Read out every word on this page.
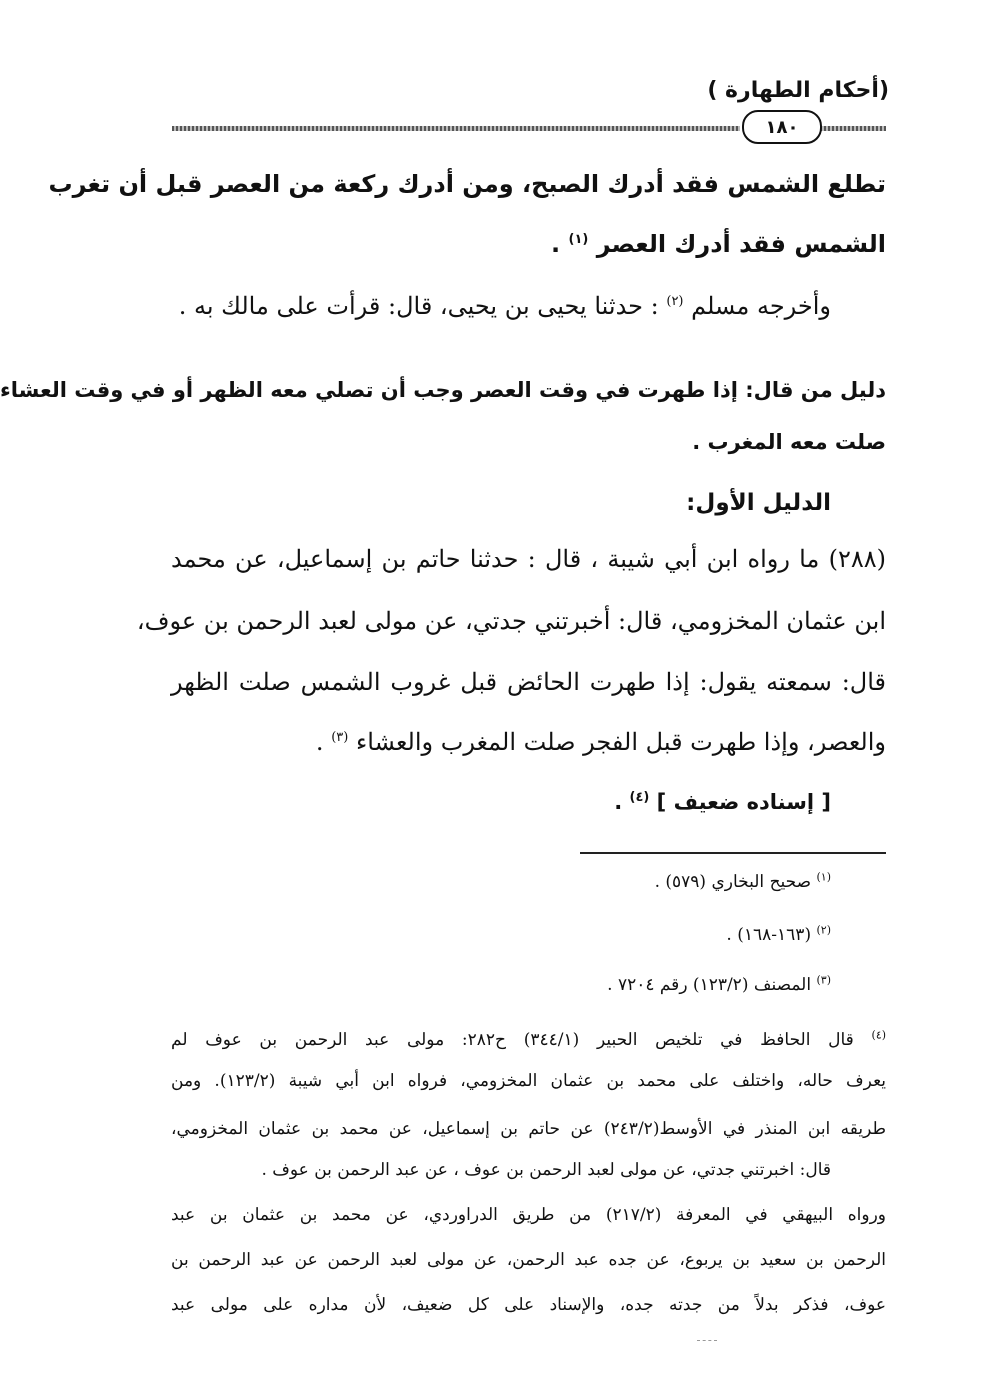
(أحكام الطهارة )
١٨٠
تطلع الشمس فقد أدرك الصبح، ومن أدرك ركعة من العصر قبل أن تغرب
الشمس فقد أدرك العصر $^{(١)}$ .
وأخرجه مسلم $^{(٢)}$ : حدثنا يحيى بن يحيى، قال: قرأت على مالك به .
دليل من قال: إذا طهرت في وقت العصر وجب أن تصلي معه الظهر أو في وقت العشاء
صلت معه المغرب .
الدليل الأول:
(٢٨٨) ما رواه ابن أبي شيبة ، قال : حدثنا حاتم بن إسماعيل، عن محمد
ابن عثمان المخزومي، قال: أخبرتني جدتي، عن مولى لعبد الرحمن بن عوف،
قال: سمعته يقول: إذا طهرت الحائض قبل غروب الشمس صلت الظهر
والعصر، وإذا طهرت قبل الفجر صلت المغرب والعشاء $^{(٣)}$ .
[ إسناده ضعيف ] $^{(٤)}$ .
$^{(١)}$ صحيح البخاري (٥٧٩) .
$^{(٢)}$ (١٦٣-١٦٨) .
$^{(٣)}$ المصنف (١٢٣/٢) رقم ٧٢٠٤ .
$^{(٤)}$ قال الحافظ في تلخيص الحبير (٣٤٤/١) ح٢٨٢: مولى عبد الرحمن بن عوف لم
يعرف حاله، واختلف على محمد بن عثمان المخزومي، فرواه ابن أبي شيبة (١٢٣/٢). ومن
طريقه ابن المنذر في الأوسط(٢٤٣/٢) عن حاتم بن إسماعيل، عن محمد بن عثمان المخزومي،
قال: اخبرتني جدتي، عن مولى لعبد الرحمن بن عوف ، عن عبد الرحمن بن عوف .
ورواه البيهقي في المعرفة (٢١٧/٢) من طريق الدراوردي، عن محمد بن عثمان بن عبد
الرحمن بن سعيد بن يربوع، عن جده عبد الرحمن، عن مولى لعبد الرحمن عن عبد الرحمن بن
عوف، فذكر بدلاً من جدته جده، والإسناد على كل ضعيف، لأن مداره على مولى عبد
